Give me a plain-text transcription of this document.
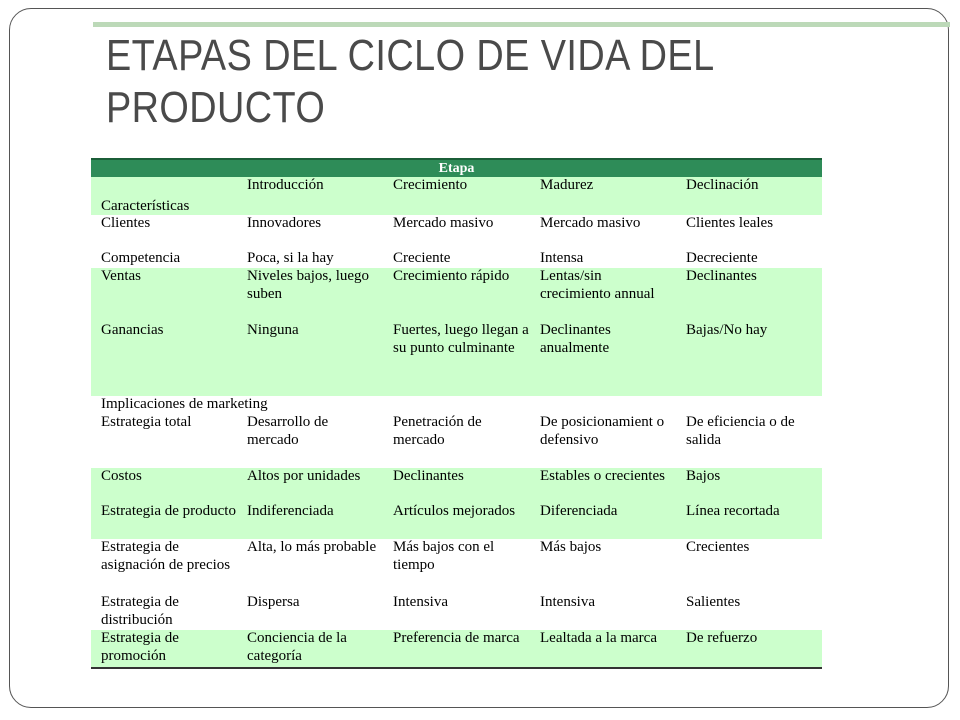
ETAPAS DEL CICLO DE VIDA DEL
PRODUCTO
Etapa				
Características	Introducción	Crecimiento	Madurez	Declinación
Clientes	Innovadores	Mercado masivo	Mercado masivo	Clientes leales
Competencia	Poca, si la hay	Creciente	Intensa	Decreciente
Ventas	Niveles bajos, luego suben	Crecimiento rápido	Lentas/sin crecimiento annual	Declinantes
Ganancias	Ninguna	Fuertes, luego llegan a su punto culminante	Declinantes anualmente	Bajas/No hay
Implicaciones de marketing				
Estrategia total	Desarrollo de mercado	Penetración de mercado	De posicionamient o defensivo	De eficiencia o de salida
Costos	Altos por unidades	Declinantes	Estables o crecientes	Bajos
Estrategia de producto	Indiferenciada	Artículos mejorados	Diferenciada	Línea recortada
Estrategia de asignación de precios	Alta, lo más probable	Más bajos con el tiempo	Más bajos	Crecientes
Estrategia de distribución	Dispersa	Intensiva	Intensiva	Salientes
Estrategia de promoción	Conciencia de la categoría	Preferencia de marca	Lealtada a la marca	De refuerzo
